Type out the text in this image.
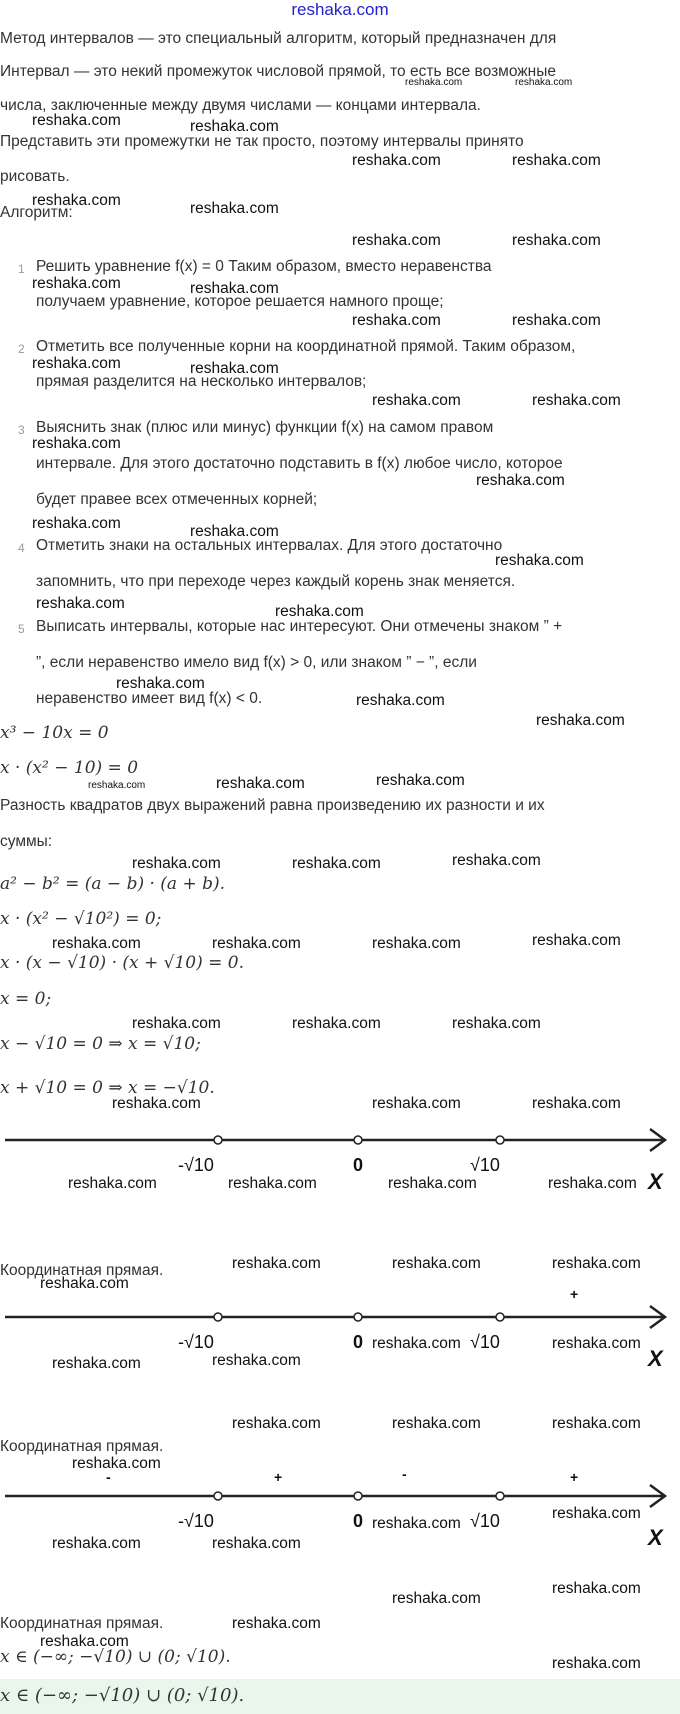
reshaka.com
Метод интервалов — это специальный алгоритм, который предназначен для
Интервал — это некий промежуток числовой прямой, то есть все возможные
числа, заключенные между двумя числами — концами интервала.
Представить эти промежутки не так просто, поэтому интервалы принято
рисовать.
Алгоритм:
1 Решить уравнение f(x) = 0 Таким образом, вместо неравенства
получаем уравнение, которое решается намного проще;
2 Отметить все полученные корни на координатной прямой. Таким образом,
прямая разделится на несколько интервалов;
3 Выяснить знак (плюс или минус) функции f(x) на самом правом
интервале. Для этого достаточно подставить в f(x) любое число, которое
будет правее всех отмеченных корней;
4 Отметить знаки на остальных интервалах. Для этого достаточно
запомнить, что при переходе через каждый корень знак меняется.
5 Выписать интервалы, которые нас интересуют. Они отмечены знаком ” +
”, если неравенство имело вид f(x) > 0, или знаком ” − ”, если
неравенство имеет вид f(x) < 0.
x³ − 10x = 0
x · (x² − 10) = 0
Разность квадратов двух выражений равна произведению их разности и их
суммы:
a² − b² = (a − b) · (a + b).
x · (x² − √10²) = 0;
x · (x − √10) · (x + √10) = 0.
x = 0;
x − √10 = 0 ⇒ x = √10;
x + √10 = 0 ⇒ x = −√10.
-√10	0	√10
X
Координатная прямая.
+
-√10	0	√10
X
Координатная прямая.
-	+	-	+
-√10	0	√10
X
Координатная прямая.
x ∈ (−∞; −√10) ∪ (0; √10).
x ∈ (−∞; −√10) ∪ (0; √10).
reshaka.com	reshaka.com
reshaka.com	reshaka.com
reshaka.com	reshaka.com
reshaka.com	reshaka.com
reshaka.com	reshaka.com
reshaka.com	reshaka.com
reshaka.com	reshaka.com
reshaka.com	reshaka.com
reshaka.com	reshaka.com
reshaka.com
reshaka.com
reshaka.com	reshaka.com
reshaka.com
reshaka.com	reshaka.com
reshaka.com
reshaka.com
reshaka.com
reshaka.com	reshaka.com	reshaka.com
reshaka.com	reshaka.com	reshaka.com
reshaka.com	reshaka.com	reshaka.com	reshaka.com
reshaka.com	reshaka.com	reshaka.com
reshaka.com	reshaka.com	reshaka.com
reshaka.com	reshaka.com	reshaka.com	reshaka.com
reshaka.com	reshaka.com	reshaka.com
reshaka.com
reshaka.com	reshaka.com
reshaka.com	reshaka.com
reshaka.com	reshaka.com	reshaka.com
reshaka.com
reshaka.com
reshaka.com
reshaka.com	reshaka.com
reshaka.com
reshaka.com
reshaka.com
reshaka.com
reshaka.com
